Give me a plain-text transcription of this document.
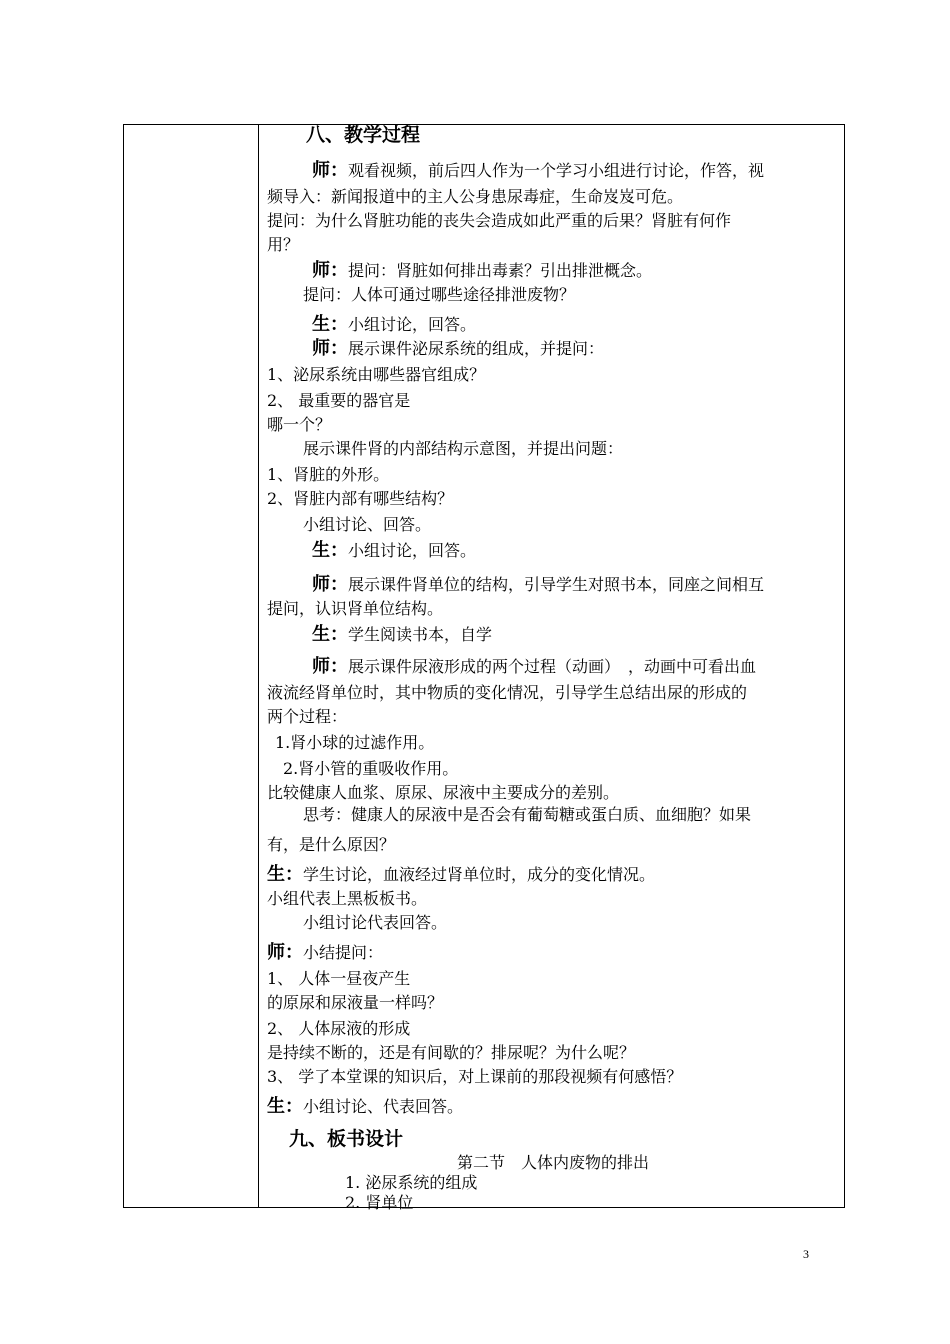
八、教学过程
师：观看视频，前后四人作为一个学习小组进行讨论，作答，视
频导入：新闻报道中的主人公身患尿毒症，生命岌岌可危。
提问：为什么肾脏功能的丧失会造成如此严重的后果？肾脏有何作
用？
师：提问：肾脏如何排出毒素？引出排泄概念。
提问：人体可通过哪些途径排泄废物？
生：小组讨论，回答。
师：展示课件泌尿系统的组成，并提问：
1、泌尿系统由哪些器官组成？
2、 最重要的器官是
哪一个？
展示课件肾的内部结构示意图，并提出问题：
1、肾脏的外形。
2、肾脏内部有哪些结构？
小组讨论、回答。
生：小组讨论，回答。
师：展示课件肾单位的结构，引导学生对照书本，同座之间相互
提问，认识肾单位结构。
生：学生阅读书本，自学
师：展示课件尿液形成的两个过程（动画）　，动画中可看出血
液流经肾单位时，其中物质的变化情况，引导学生总结出尿的形成的
两个过程：
1.肾小球的过滤作用。
2.肾小管的重吸收作用。
比较健康人血浆、原尿、尿液中主要成分的差别。
思考：健康人的尿液中是否会有葡萄糖或蛋白质、血细胞？如果
有，是什么原因？
生：学生讨论，血液经过肾单位时，成分的变化情况。
小组代表上黑板板书。
小组讨论代表回答。
师：小结提问：
1、 人体一昼夜产生
的原尿和尿液量一样吗？
2、 人体尿液的形成
是持续不断的，还是有间歇的？排尿呢？为什么呢？
3、 学了本堂课的知识后，对上课前的那段视频有何感悟？
生：小组讨论、代表回答。
九、板书设计
第二节　人体内废物的排出
1. 泌尿系统的组成
2. 肾单位
3
